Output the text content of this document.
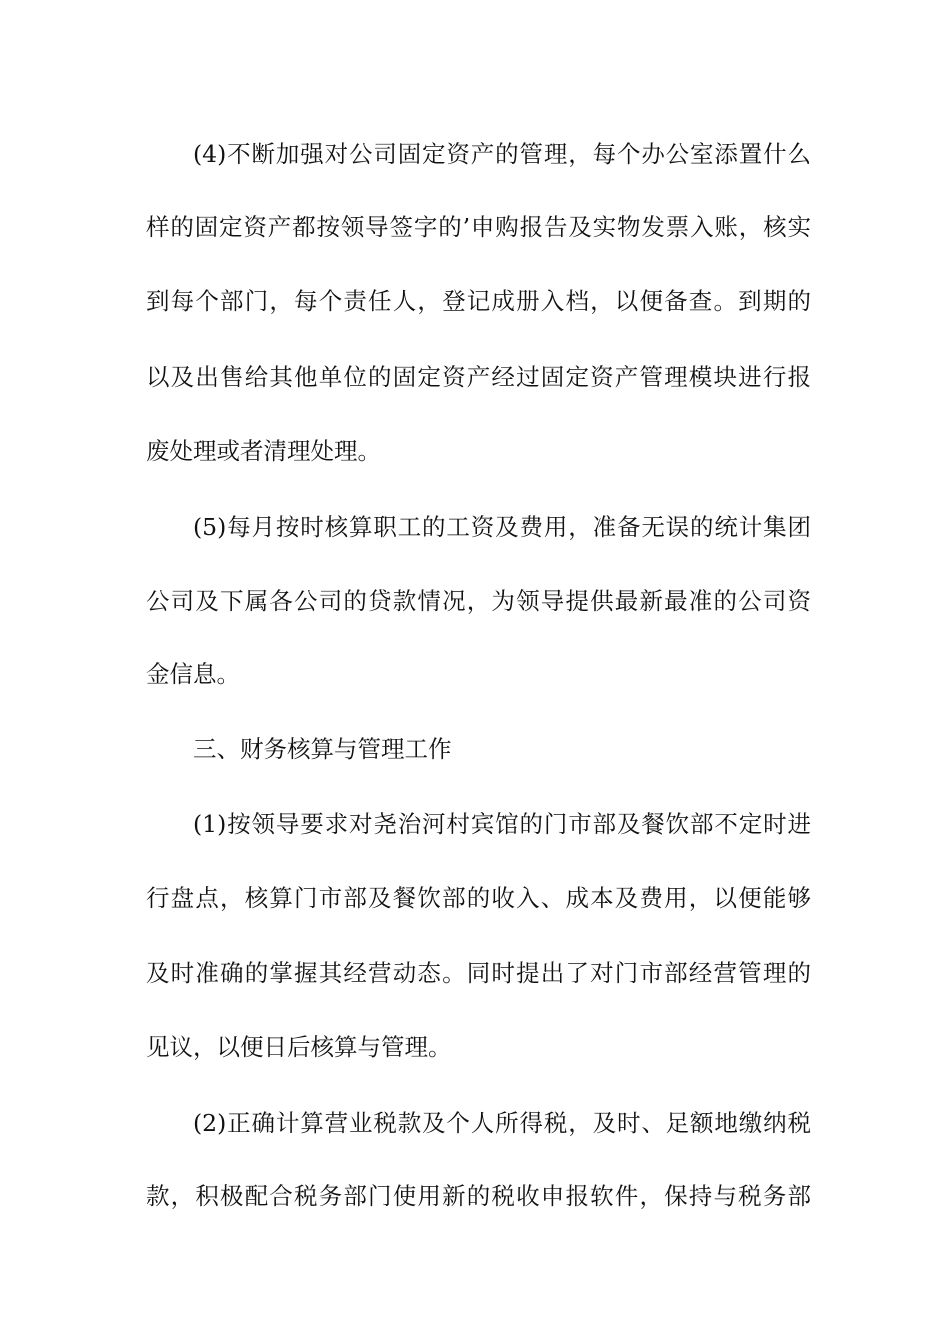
(4)不断加强对公司固定资产的管理，每个办公室添置什么
样的固定资产都按领导签字的’申购报告及实物发票入账，核实
到每个部门，每个责任人，登记成册入档，以便备查。到期的
以及出售给其他单位的固定资产经过固定资产管理模块进行报
废处理或者清理处理。
(5)每月按时核算职工的工资及费用，准备无误的统计集团
公司及下属各公司的贷款情况，为领导提供最新最准的公司资
金信息。
三、财务核算与管理工作
(1)按领导要求对尧治河村宾馆的门市部及餐饮部不定时进
行盘点，核算门市部及餐饮部的收入、成本及费用，以便能够
及时准确的掌握其经营动态。同时提出了对门市部经营管理的
见议，以便日后核算与管理。
(2)正确计算营业税款及个人所得税，及时、足额地缴纳税
款，积极配合税务部门使用新的税收申报软件，保持与税务部
